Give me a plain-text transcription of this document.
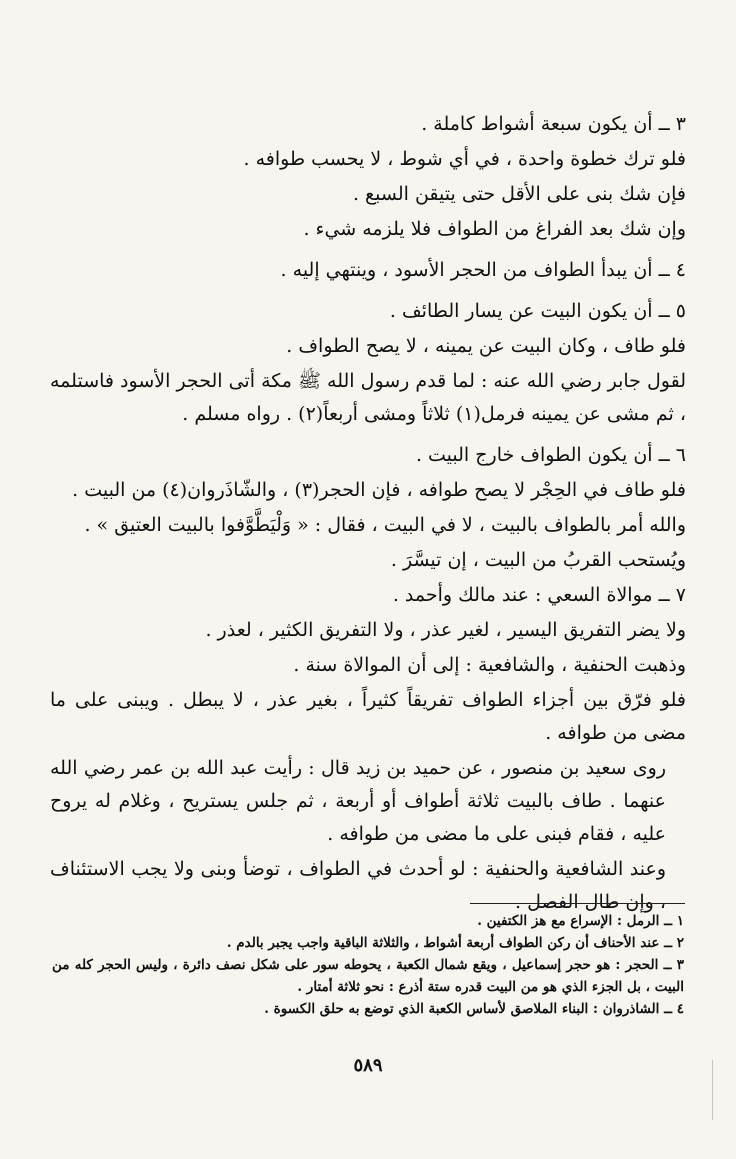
٣ ــ أن يكون سبعة أشواط كاملة .

فلو ترك خطوة واحدة ، في أي شوط ، لا يحسب طوافه .

فإن شك بنى على الأقل حتى يتيقن السبع .

وإن شك بعد الفراغ من الطواف فلا يلزمه شيء .

٤ ــ أن يبدأ الطواف من الحجر الأسود ، وينتهي إليه .

٥ ــ أن يكون البيت عن يسار الطائف .

فلو طاف ، وكان البيت عن يمينه ، لا يصح الطواف .

لقول جابر رضي الله عنه : لما قدم رسول الله ﷺ مكة أتى الحجر الأسود فاستلمه ، ثم مشى عن يمينه فرمل(١) ثلاثاً ومشى أربعاً(٢) . رواه مسلم .

٦ ــ أن يكون الطواف خارج البيت .

فلو طاف في الحِجْر لا يصح طوافه ، فإن الحجر(٣) ، والشّاذَروان(٤) من البيت .

والله أمر بالطواف بالبيت ، لا في البيت ، فقال : « وَلْيَطَّوَّفوا بالبيت العتيق » .

ويُستحب القربُ من البيت ، إن تيسَّرَ .

٧ ــ موالاة السعي : عند مالك وأحمد .

ولا يضر التفريق اليسير ، لغير عذر ، ولا التفريق الكثير ، لعذر .

وذهبت الحنفية ، والشافعية : إلى أن الموالاة سنة .

فلو فرّق بين أجزاء الطواف تفريقاً كثيراً ، بغير عذر ، لا يبطل . ويبنى على ما مضى من طوافه .

روى سعيد بن منصور ، عن حميد بن زيد قال : رأيت عبد الله بن عمر رضي الله عنهما . طاف بالبيت ثلاثة أطواف أو أربعة ، ثم جلس يستريح ، وغلام له يروح عليه ، فقام فبنى على ما مضى من طوافه .

وعند الشافعية والحنفية : لو أحدث في الطواف ، توضأ وبنى ولا يجب الاستئناف ، وإن طال الفصل .

١ ــ الرمل : الإسراع مع هز الكتفين .
٢ ــ عند الأحناف أن ركن الطواف أربعة أشواط ، والثلاثة الباقية واجب يجبر بالدم .
٣ ــ الحجر : هو حجر إسماعيل ، ويقع شمال الكعبة ، يحوطه سور على شكل نصف دائرة ، وليس الحجر كله من البيت ، بل الجزء الذي هو من البيت قدره ستة أذرع : نحو ثلاثة أمتار .
٤ ــ الشاذروان : البناء الملاصق لأساس الكعبة الذي توضع به حلق الكسوة .
٥٨٩
